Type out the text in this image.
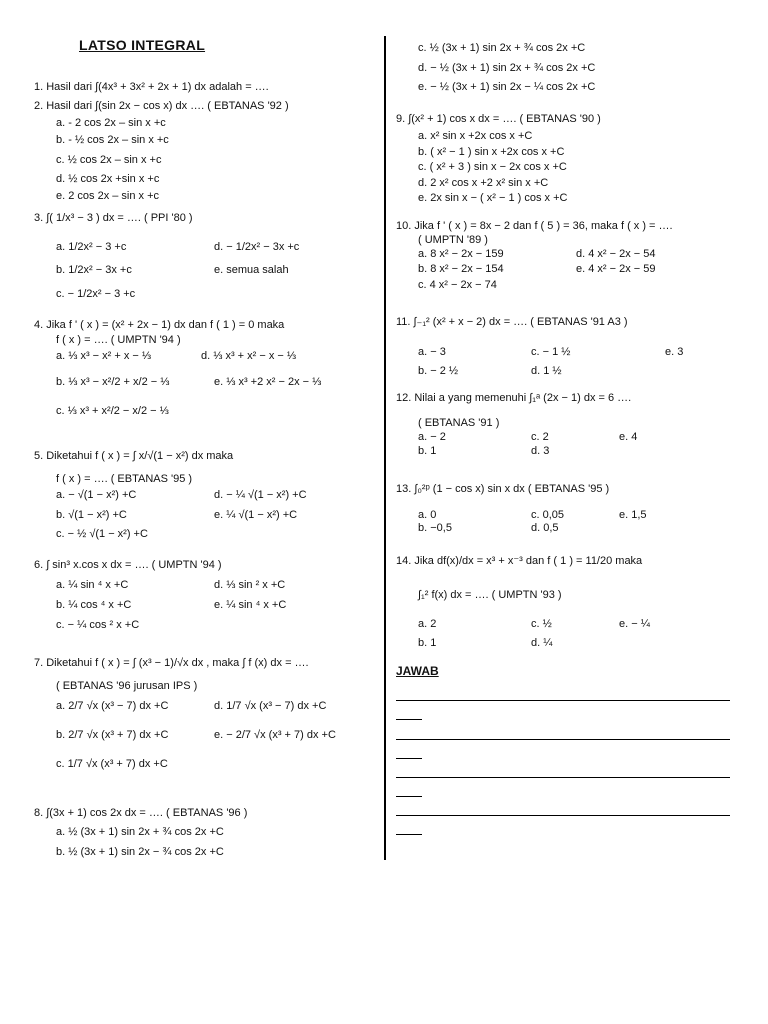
LATSO INTEGRAL
1. Hasil dari ∫(4x³ + 3x² + 2x + 1) dx adalah = ….
2. Hasil dari ∫(sin 2x − cos x) dx …. ( EBTANAS '92 )
a. - 2 cos 2x – sin x +c
b. - ½ cos 2x – sin x +c
c. ½ cos 2x – sin x +c
d. ½ cos 2x +sin x +c
e. 2 cos 2x – sin x +c
3. ∫( 1/x³ − 3 ) dx = …. ( PPI '80 )
a. 1/2x² − 3 +c	d. − 1/2x² − 3x +c
b. 1/2x² − 3x +c	e. semua salah
c. − 1/2x² − 3 +c
4. Jika f ' ( x ) = (x² + 2x − 1) dx dan f ( 1 ) = 0 maka
f ( x ) = …. ( UMPTN '94 )
a. ⅓ x³ − x² + x − ⅓	d. ⅓ x³ + x² − x − ⅓
b. ⅓ x³ − x²/2 + x/2 − ⅓	e. ⅓ x³ +2 x² − 2x − ⅓
c. ⅓ x³ + x²/2 − x/2 − ⅓
5. Diketahui f ( x ) = ∫ x/√(1 − x²) dx maka
f ( x ) = …. ( EBTANAS '95 )
a. − √(1 − x²) +C	d. − ¼ √(1 − x²) +C
b. √(1 − x²) +C	e. ¼ √(1 − x²) +C
c. − ½ √(1 − x²) +C
6. ∫ sin³ x.cos x dx = …. ( UMPTN '94 )
a. ¼ sin ⁴ x +C	d. ⅓ sin ² x +C
b. ¼ cos ⁴ x +C	e. ¼ sin ⁴ x +C
c. − ¼ cos ² x +C
7. Diketahui f ( x ) = ∫ (x³ − 1)/√x dx , maka ∫ f (x) dx = ….
( EBTANAS '96 jurusan IPS )
a. 2/7 √x (x³ − 7) dx +C	d. 1/7 √x (x³ − 7) dx +C
b. 2/7 √x (x³ + 7) dx +C	e. − 2/7 √x (x³ + 7) dx +C
c. 1/7 √x (x³ + 7) dx +C
8. ∫(3x + 1) cos 2x dx = …. ( EBTANAS '96 )
a. ½ (3x + 1) sin 2x + ¾ cos 2x +C
b. ½ (3x + 1) sin 2x − ¾ cos 2x +C
c. ½ (3x + 1) sin 2x + ¾ cos 2x +C
d. − ½ (3x + 1) sin 2x + ¾ cos 2x +C
e. − ½ (3x + 1) sin 2x − ¼ cos 2x +C
9. ∫(x² + 1) cos x dx = …. ( EBTANAS '90 )
a. x² sin x +2x cos x +C
b. ( x² − 1 ) sin x +2x cos x +C
c. ( x² + 3 ) sin x − 2x cos x +C
d. 2 x² cos x +2 x² sin x +C
e. 2x sin x − ( x² − 1 ) cos x +C
10. Jika f ' ( x ) = 8x − 2 dan f ( 5 ) = 36, maka f ( x ) = ….
( UMPTN '89 )
a. 8 x² − 2x − 159	d. 4 x² − 2x − 54
b. 8 x² − 2x − 154	e. 4 x² − 2x − 59
c. 4 x² − 2x − 74
11. ∫₋₁² (x² + x − 2) dx = …. ( EBTANAS '91 A3 )
a. − 3	c. − 1 ½	e. 3
b. − 2 ½	d. 1 ½
12. Nilai a yang memenuhi ∫₁ᵃ (2x − 1) dx = 6 ….
( EBTANAS '91 )
a. − 2	c. 2	e. 4
b. 1	d. 3
13. ∫₀²ᵖ (1 − cos x) sin x dx ( EBTANAS '95 )
a. 0	c. 0,05	e. 1,5
b. −0,5	d. 0,5
14. Jika df(x)/dx = x³ + x⁻³ dan f ( 1 ) = 11/20 maka
∫₁² f(x) dx = …. ( UMPTN '93 )
a. 2	c. ½	e. − ¼
b. 1	d. ¼
JAWAB
